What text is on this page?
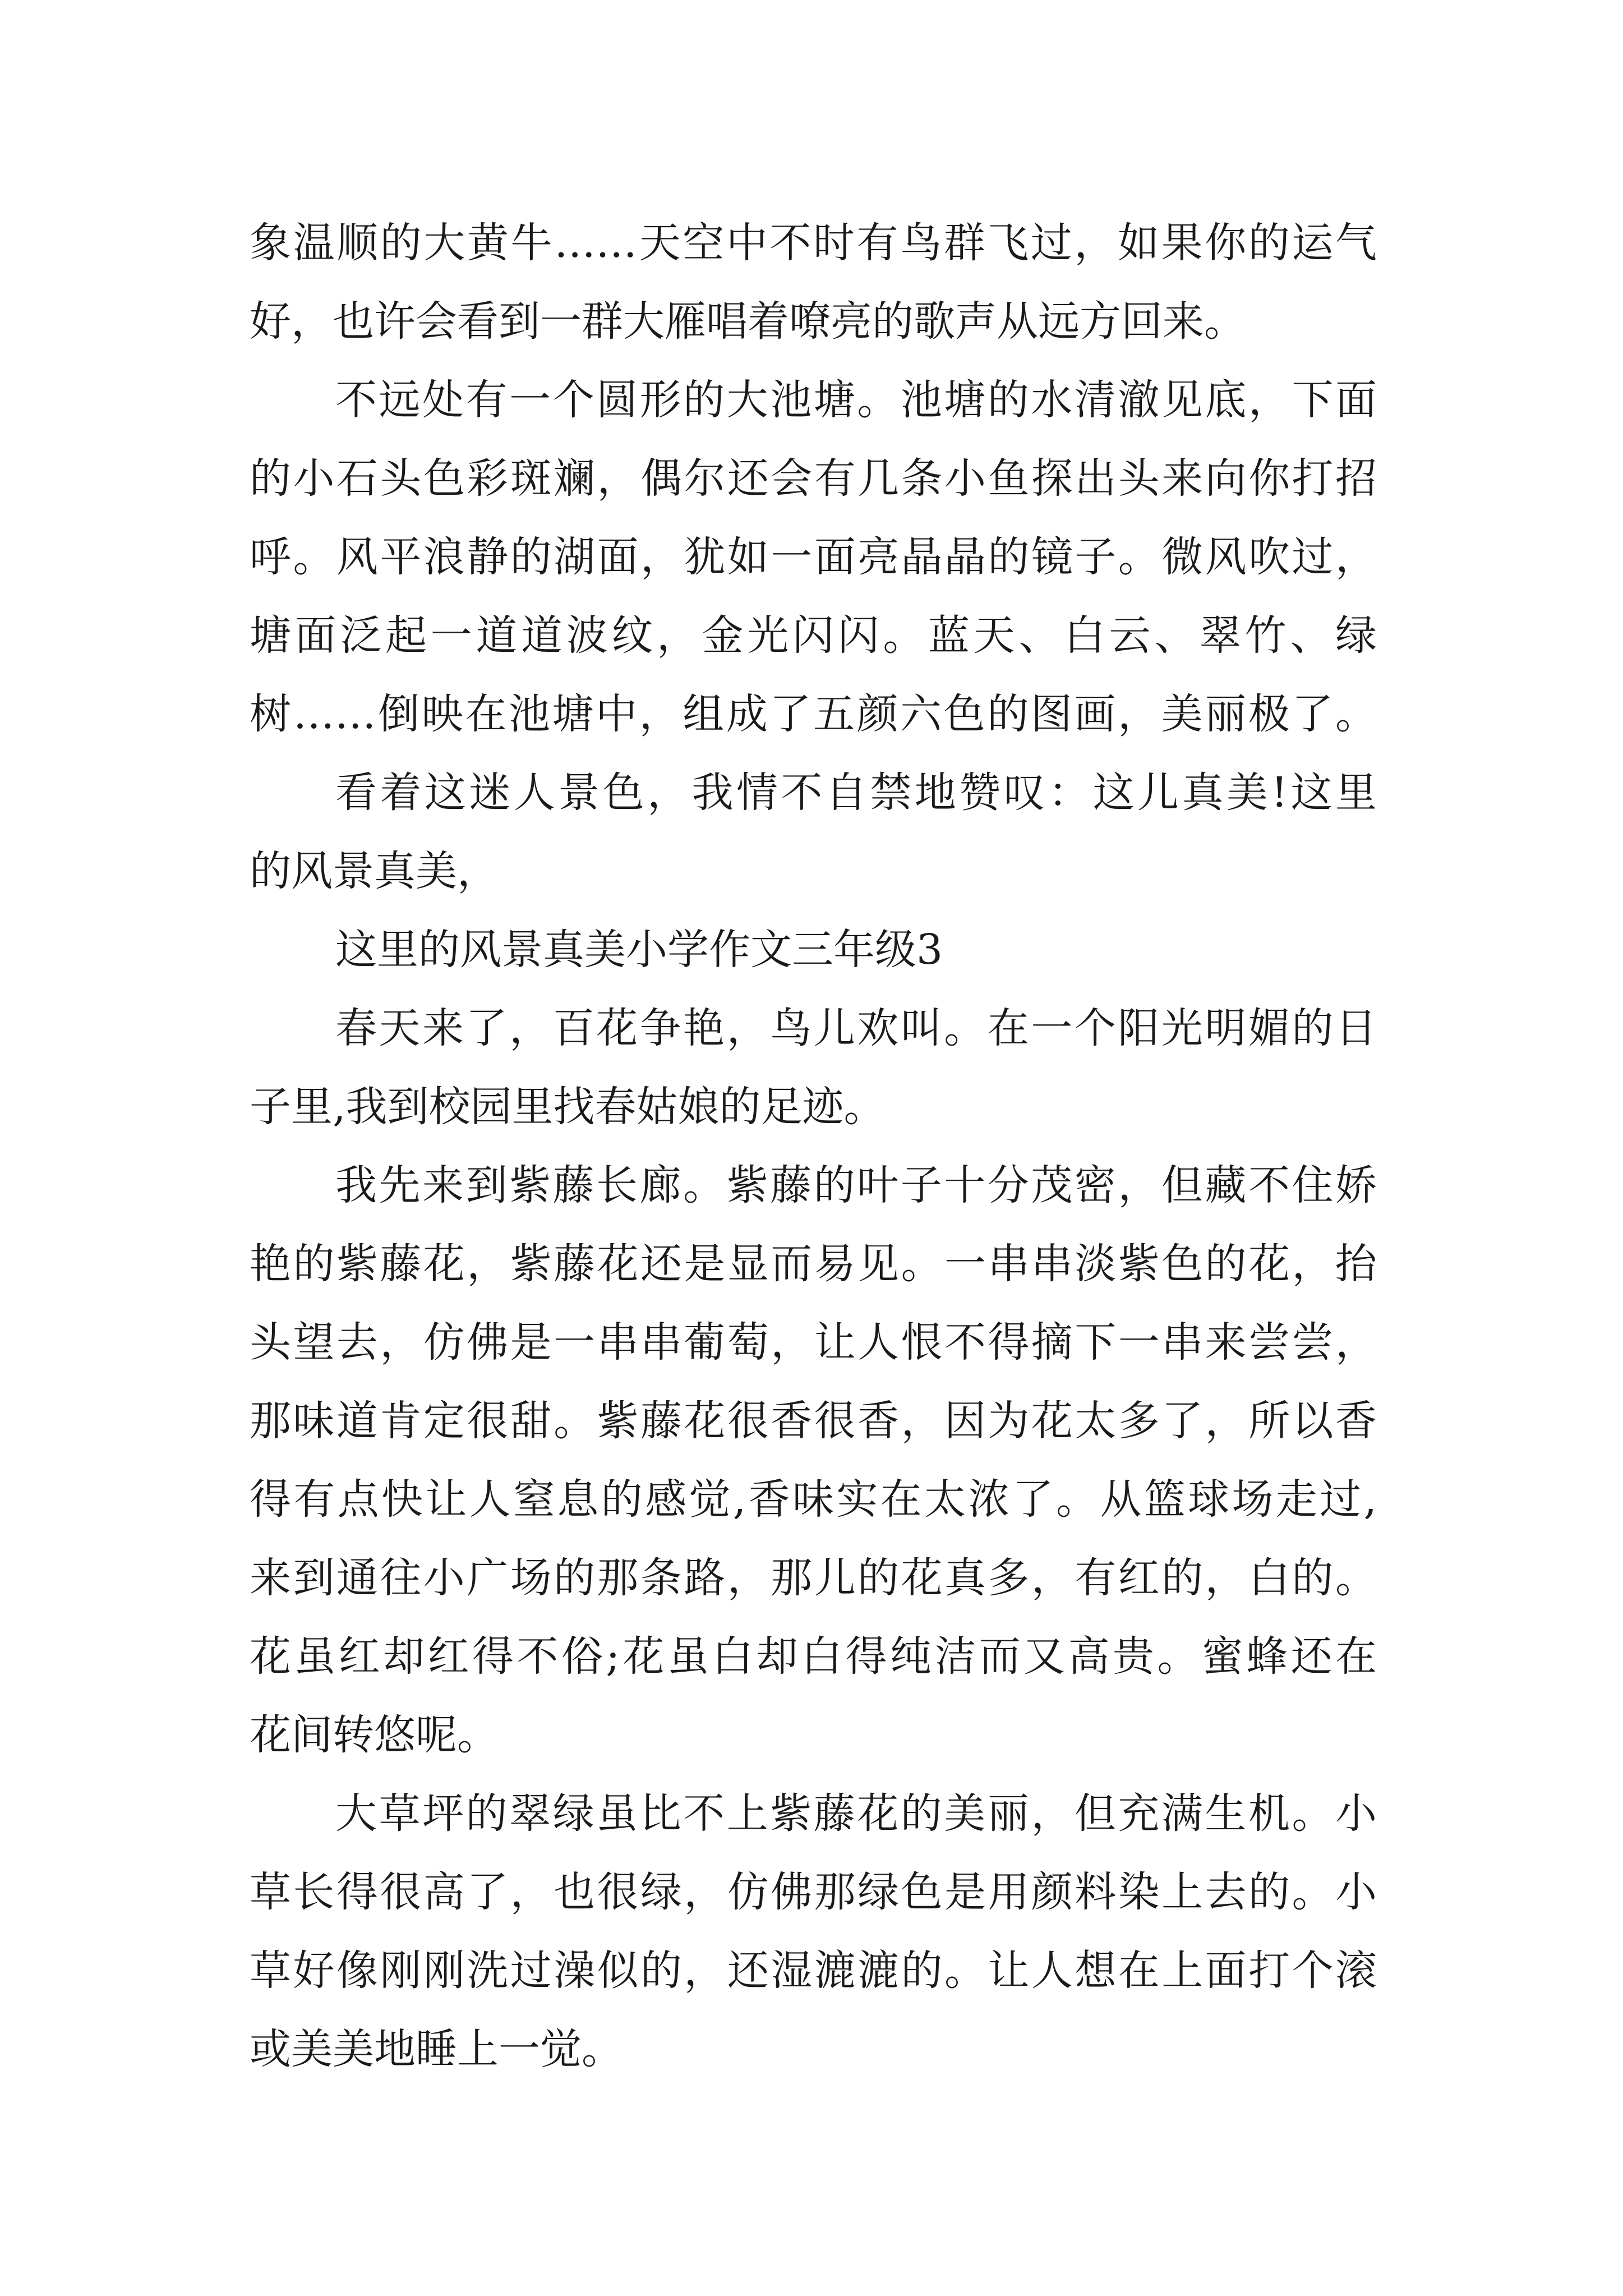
象温顺的大黄牛……天空中不时有鸟群飞过，如果你的运气
好，也许会看到一群大雁唱着嘹亮的歌声从远方回来。
不远处有一个圆形的大池塘。池塘的水清澈见底，下面
的小石头色彩斑斓，偶尔还会有几条小鱼探出头来向你打招
呼。风平浪静的湖面，犹如一面亮晶晶的镜子。微风吹过，
塘面泛起一道道波纹，金光闪闪。蓝天、白云、翠竹、绿
树……倒映在池塘中，组成了五颜六色的图画，美丽极了。
看着这迷人景色，我情不自禁地赞叹：这儿真美!这里
的风景真美，
这里的风景真美小学作文三年级3
春天来了，百花争艳，鸟儿欢叫。在一个阳光明媚的日
子里,我到校园里找春姑娘的足迹。
我先来到紫藤长廊。紫藤的叶子十分茂密，但藏不住娇
艳的紫藤花，紫藤花还是显而易见。一串串淡紫色的花，抬
头望去，仿佛是一串串葡萄，让人恨不得摘下一串来尝尝，
那味道肯定很甜。紫藤花很香很香，因为花太多了，所以香
得有点快让人窒息的感觉,香味实在太浓了。从篮球场走过,
来到通往小广场的那条路，那儿的花真多，有红的，白的。
花虽红却红得不俗;花虽白却白得纯洁而又高贵。蜜蜂还在
花间转悠呢。
大草坪的翠绿虽比不上紫藤花的美丽，但充满生机。小
草长得很高了，也很绿，仿佛那绿色是用颜料染上去的。小
草好像刚刚洗过澡似的，还湿漉漉的。让人想在上面打个滚
或美美地睡上一觉。
